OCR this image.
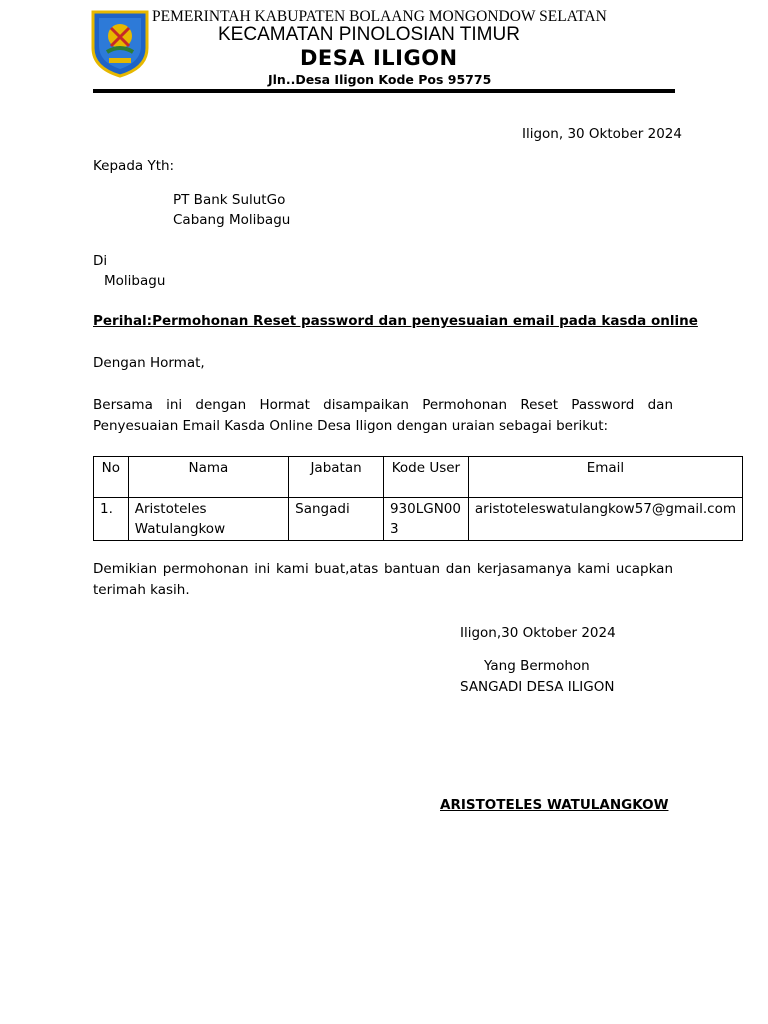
PEMERINTAH KABUPATEN BOLAANG MONGONDOW SELATAN
KECAMATAN PINOLOSIAN TIMUR
DESA ILIGON
Jln..Desa Iligon Kode Pos 95775
Iligon, 30 Oktober 2024
Kepada Yth:
PT Bank SulutGo
Cabang Molibagu
Di
Molibagu
Perihal:Permohonan Reset password dan penyesuaian email pada kasda online
Dengan Hormat,
Bersama ini dengan Hormat disampaikan Permohonan Reset Password dan Penyesuaian Email Kasda Online Desa Iligon dengan uraian sebagai berikut:
No	Nama	Jabatan	Kode User	Email
1.	Aristoteles Watulangkow	Sangadi	930LGN003	aristoteleswatulangkow57@gmail.com
Demikian permohonan ini kami buat,atas bantuan dan kerjasamanya kami ucapkan terimah kasih.
Iligon,30 Oktober 2024
Yang Bermohon
SANGADI DESA ILIGON
ARISTOTELES WATULANGKOW
